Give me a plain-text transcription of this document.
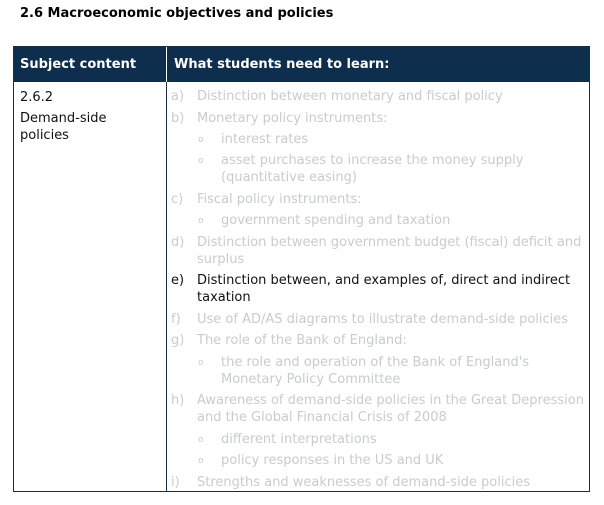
2.6 Macroeconomic objectives and policies
Subject content	What students need to learn:
2.6.2
Demand-side
policies
a) Distinction between monetary and fiscal policy
b) Monetary policy instruments:
o interest rates
o asset purchases to increase the money supply (quantitative easing)
c) Fiscal policy instruments:
o government spending and taxation
d) Distinction between government budget (fiscal) deficit and surplus
e) Distinction between, and examples of, direct and indirect taxation
f) Use of AD/AS diagrams to illustrate demand-side policies
g) The role of the Bank of England:
o the role and operation of the Bank of England's Monetary Policy Committee
h) Awareness of demand-side policies in the Great Depression and the Global Financial Crisis of 2008
o different interpretations
o policy responses in the US and UK
i) Strengths and weaknesses of demand-side policies
